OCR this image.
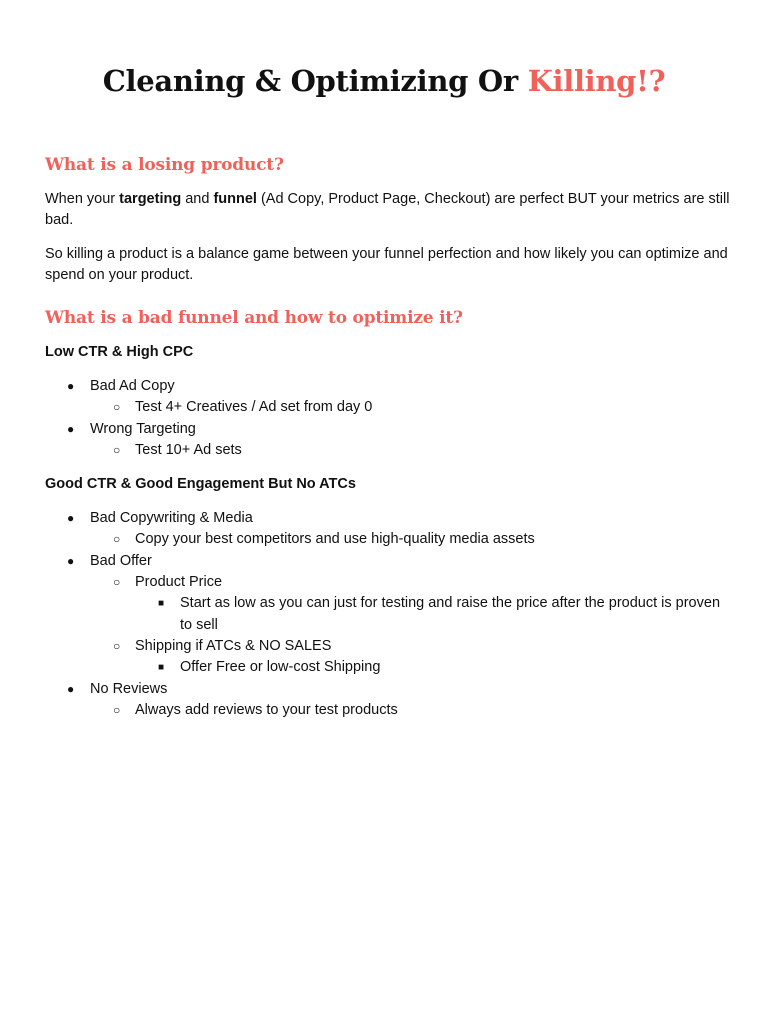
Cleaning & Optimizing Or Killing!?
What is a losing product?

When your targeting and funnel (Ad Copy, Product Page, Checkout) are perfect BUT your metrics are still bad.

So killing a product is a balance game between your funnel perfection and how likely you can optimize and spend on your product.

What is a bad funnel and how to optimize it?
Low CTR & High CPC
● Bad Ad Copy
○ Test 4+ Creatives / Ad set from day 0
● Wrong Targeting
○ Test 10+ Ad sets
Good CTR & Good Engagement But No ATCs
● Bad Copywriting & Media
○ Copy your best competitors and use high-quality media assets
● Bad Offer
○ Product Price
■ Start as low as you can just for testing and raise the price after the product is proven to sell
○ Shipping if ATCs & NO SALES
■ Offer Free or low-cost Shipping
● No Reviews
○ Always add reviews to your test products
